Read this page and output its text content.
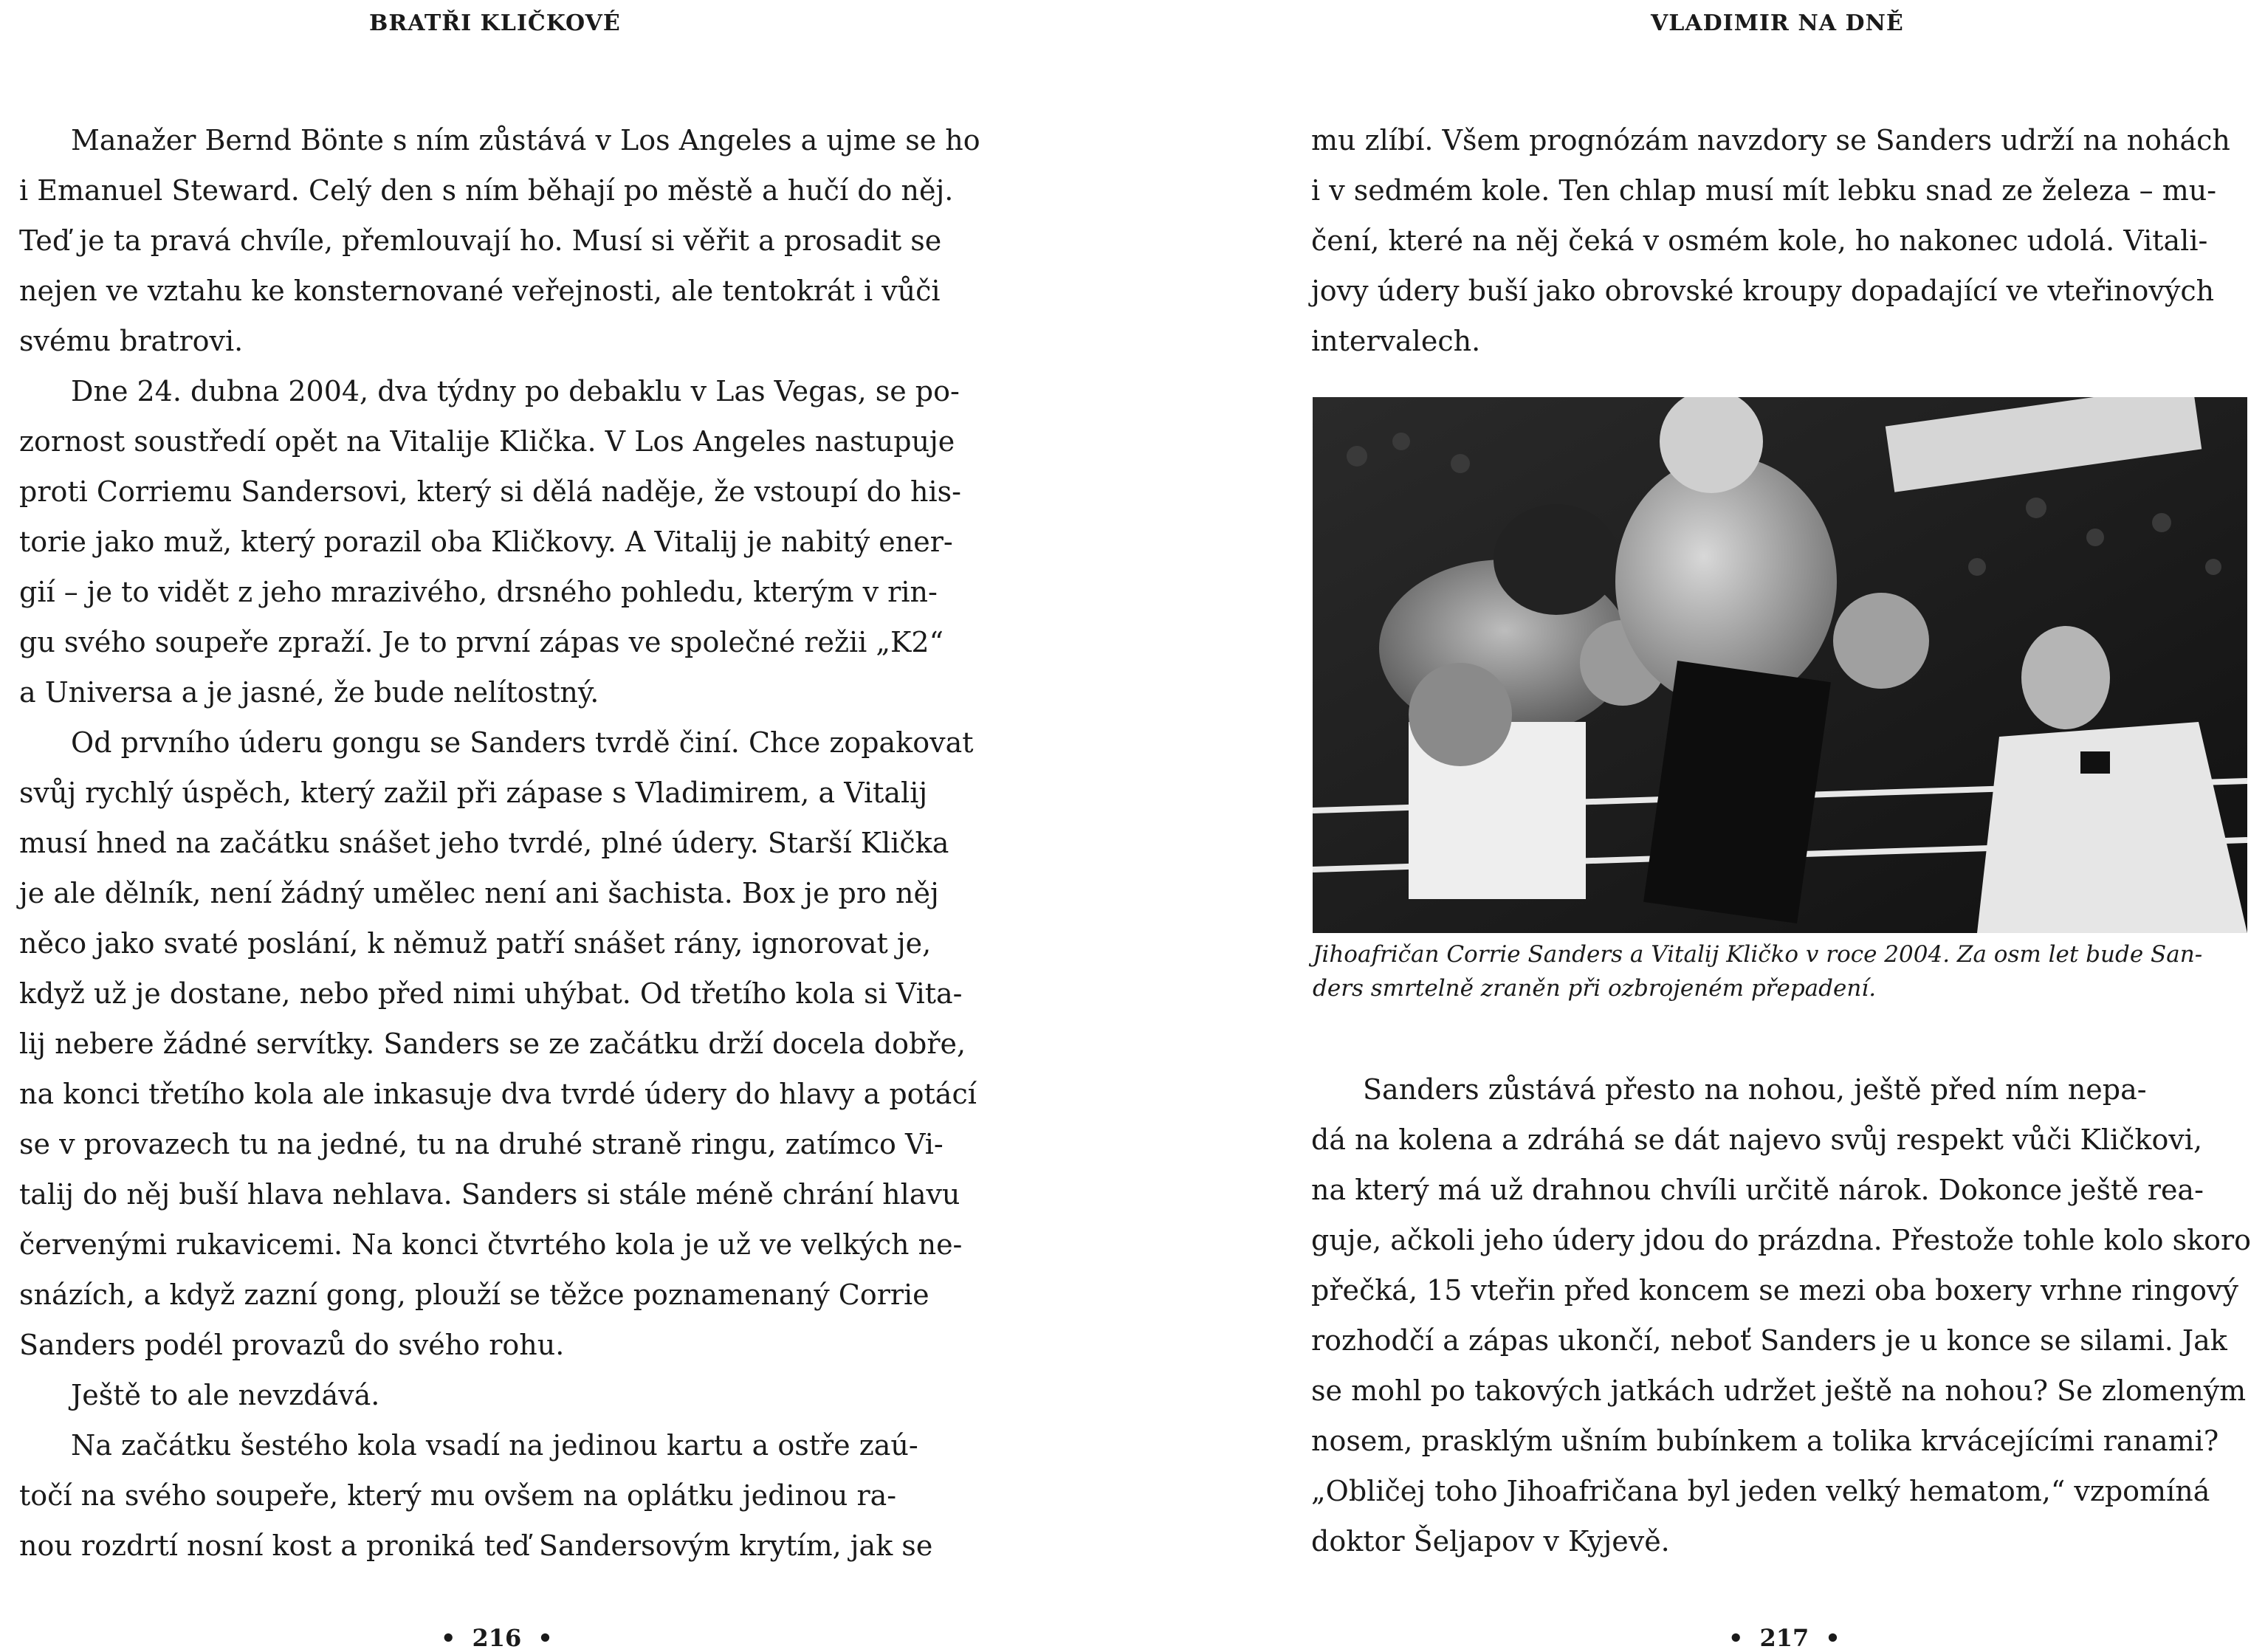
BRATŘI KLIČKOVÉ
Manažer Bernd Bönte s ním zůstává v Los Angeles a ujme se ho
i Emanuel Steward. Celý den s ním běhají po městě a hučí do něj.
Teď je ta pravá chvíle, přemlouvají ho. Musí si věřit a prosadit se
nejen ve vztahu ke konsternované veřejnosti, ale tentokrát i vůči
svému bratrovi.
Dne 24. dubna 2004, dva týdny po debaklu v Las Vegas, se po-
zornost soustředí opět na Vitalije Klička. V Los Angeles nastupuje
proti Corriemu Sandersovi, který si dělá naděje, že vstoupí do his-
torie jako muž, který porazil oba Kličkovy. A Vitalij je nabitý ener-
gií – je to vidět z jeho mrazivého, drsného pohledu, kterým v rin-
gu svého soupeře zpraží. Je to první zápas ve společné režii „K2“
a Universa a je jasné, že bude nelítostný.
Od prvního úderu gongu se Sanders tvrdě činí. Chce zopakovat
svůj rychlý úspěch, který zažil při zápase s Vladimirem, a Vitalij
musí hned na začátku snášet jeho tvrdé, plné údery. Starší Klička
je ale dělník, není žádný umělec není ani šachista. Box je pro něj
něco jako svaté poslání, k němuž patří snášet rány, ignorovat je,
když už je dostane, nebo před nimi uhýbat. Od třetího kola si Vita-
lij nebere žádné servítky. Sanders se ze začátku drží docela dobře,
na konci třetího kola ale inkasuje dva tvrdé údery do hlavy a potácí
se v provazech tu na jedné, tu na druhé straně ringu, zatímco Vi-
talij do něj buší hlava nehlava. Sanders si stále méně chrání hlavu
červenými rukavicemi. Na konci čtvrtého kola je už ve velkých ne-
snázích, a když zazní gong, plouží se těžce poznamenaný Corrie
Sanders podél provazů do svého rohu.
Ještě to ale nevzdává.
Na začátku šestého kola vsadí na jedinou kartu a ostře zaú-
točí na svého soupeře, který mu ovšem na oplátku jedinou ra-
nou rozdrtí nosní kost a proniká teď Sandersovým krytím, jak se
• 216 •
VLADIMIR NA DNĚ
mu zlíbí. Všem prognózám navzdory se Sanders udrží na nohách
i v sedmém kole. Ten chlap musí mít lebku snad ze železa – mu-
čení, které na něj čeká v osmém kole, ho nakonec udolá. Vitali-
jovy údery buší jako obrovské kroupy dopadající ve vteřinových
intervalech.
Jihoafričan Corrie Sanders a Vitalij Kličko v roce 2004. Za osm let bude San-
ders smrtelně zraněn při ozbrojeném přepadení.
Sanders zůstává přesto na nohou, ještě před ním nepa-
dá na kolena a zdráhá se dát najevo svůj respekt vůči Kličkovi,
na který má už drahnou chvíli určitě nárok. Dokonce ještě rea-
guje, ačkoli jeho údery jdou do prázdna. Přestože tohle kolo skoro
přečká, 15 vteřin před koncem se mezi oba boxery vrhne ringový
rozhodčí a zápas ukončí, neboť Sanders je u konce se silami. Jak
se mohl po takových jatkách udržet ještě na nohou? Se zlomeným
nosem, prasklým ušním bubínkem a tolika krvácejícími ranami?
„Obličej toho Jihoafričana byl jeden velký hematom,“ vzpomíná
doktor Šeljapov v Kyjevě.
• 217 •
